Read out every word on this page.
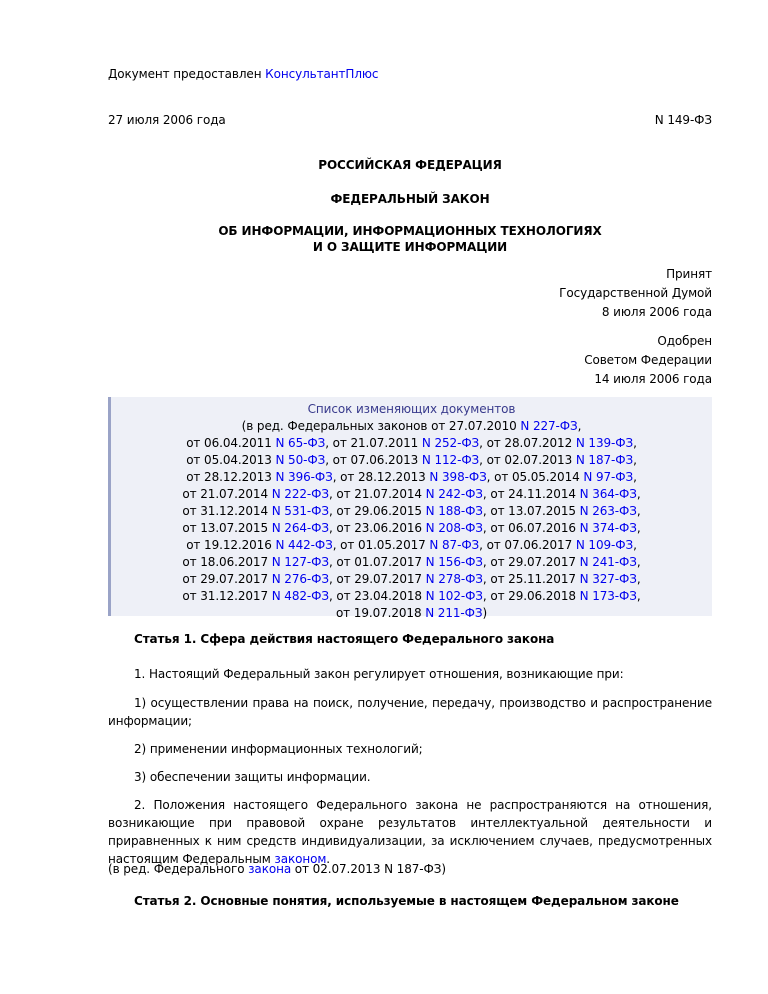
Документ предоставлен КонсультантПлюс
27 июля 2006 года	N 149-ФЗ
РОССИЙСКАЯ ФЕДЕРАЦИЯ
ФЕДЕРАЛЬНЫЙ ЗАКОН
ОБ ИНФОРМАЦИИ, ИНФОРМАЦИОННЫХ ТЕХНОЛОГИЯХ
И О ЗАЩИТЕ ИНФОРМАЦИИ
Принят
Государственной Думой
8 июля 2006 года
Одобрен
Советом Федерации
14 июля 2006 года
Список изменяющих документов
(в ред. Федеральных законов от 27.07.2010 N 227-ФЗ,
от 06.04.2011 N 65-ФЗ, от 21.07.2011 N 252-ФЗ, от 28.07.2012 N 139-ФЗ,
от 05.04.2013 N 50-ФЗ, от 07.06.2013 N 112-ФЗ, от 02.07.2013 N 187-ФЗ,
от 28.12.2013 N 396-ФЗ, от 28.12.2013 N 398-ФЗ, от 05.05.2014 N 97-ФЗ,
от 21.07.2014 N 222-ФЗ, от 21.07.2014 N 242-ФЗ, от 24.11.2014 N 364-ФЗ,
от 31.12.2014 N 531-ФЗ, от 29.06.2015 N 188-ФЗ, от 13.07.2015 N 263-ФЗ,
от 13.07.2015 N 264-ФЗ, от 23.06.2016 N 208-ФЗ, от 06.07.2016 N 374-ФЗ,
от 19.12.2016 N 442-ФЗ, от 01.05.2017 N 87-ФЗ, от 07.06.2017 N 109-ФЗ,
от 18.06.2017 N 127-ФЗ, от 01.07.2017 N 156-ФЗ, от 29.07.2017 N 241-ФЗ,
от 29.07.2017 N 276-ФЗ, от 29.07.2017 N 278-ФЗ, от 25.11.2017 N 327-ФЗ,
от 31.12.2017 N 482-ФЗ, от 23.04.2018 N 102-ФЗ, от 29.06.2018 N 173-ФЗ,
от 19.07.2018 N 211-ФЗ)
Статья 1. Сфера действия настоящего Федерального закона
1. Настоящий Федеральный закон регулирует отношения, возникающие при:
1) осуществлении права на поиск, получение, передачу, производство и распространение информации;
2) применении информационных технологий;
3) обеспечении защиты информации.
2. Положения настоящего Федерального закона не распространяются на отношения, возникающие при правовой охране результатов интеллектуальной деятельности и приравненных к ним средств индивидуализации, за исключением случаев, предусмотренных настоящим Федеральным законом.
(в ред. Федерального закона от 02.07.2013 N 187-ФЗ)
Статья 2. Основные понятия, используемые в настоящем Федеральном законе
